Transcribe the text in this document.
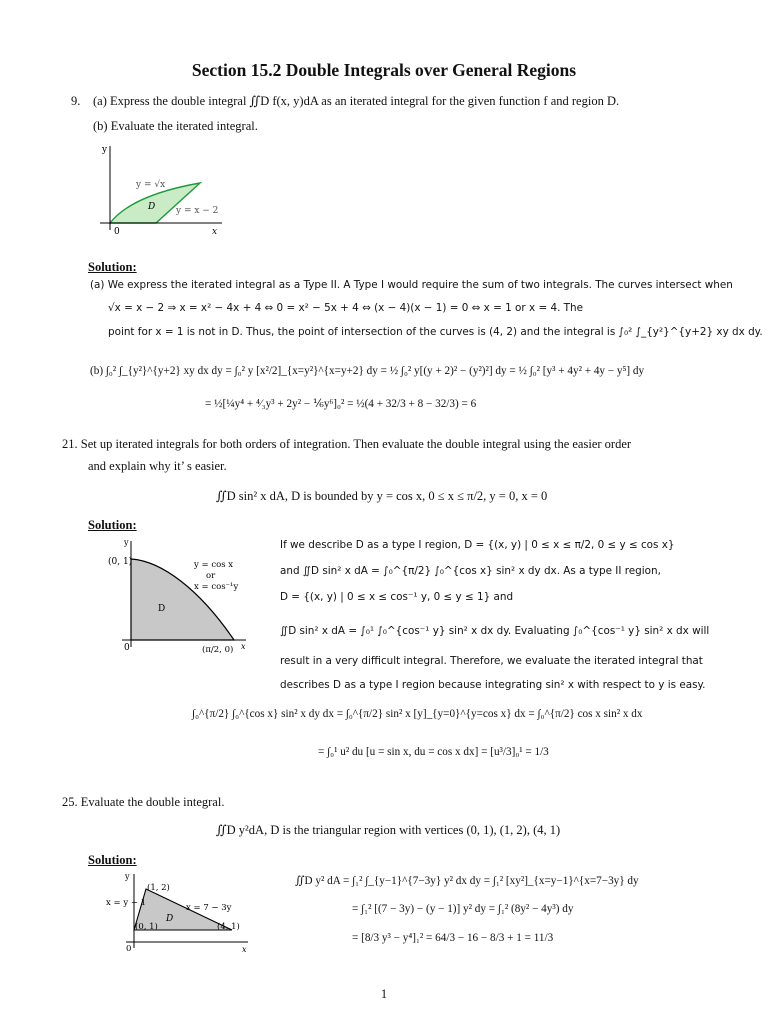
Section 15.2 Double Integrals over General Regions
9. (a) Express the double integral ∬D f(x, y)dA as an iterated integral for the given function f and region D.
(b) Evaluate the iterated integral.
y
x
0
y = √x
y = x − 2
D
Solution:
(a) We express the iterated integral as a Type II. A Type I would require the sum of two integrals. The curves intersect when
√x = x − 2 ⇒ x = x² − 4x + 4 ⇔ 0 = x² − 5x + 4 ⇔ (x − 4)(x − 1) = 0 ⇔ x = 1 or x = 4. The
point for x = 1 is not in D. Thus, the point of intersection of the curves is (4, 2) and the integral is ∫₀² ∫_{y²}^{y+2} xy dx dy.
(b) ∫₀² ∫_{y²}^{y+2} xy dx dy = ∫₀² y [x²/2]_{x=y²}^{x=y+2} dy = ½ ∫₀² y[(y + 2)² − (y²)²] dy = ½ ∫₀² [y³ + 4y² + 4y − y⁵] dy
= ½[¼y⁴ + ⁴⁄₃y³ + 2y² − ⅙y⁶]₀² = ½(4 + 32/3 + 8 − 32/3) = 6
21. Set up iterated integrals for both orders of integration. Then evaluate the double integral using the easier order
and explain why it’ s easier.
∬D sin² x dA, D is bounded by y = cos x, 0 ≤ x ≤ π/2, y = 0, x = 0
Solution:
y
x
(0, 1)
0	(π/2, 0)
y = cos x
or
x = cos⁻¹y
D
If we describe D as a type I region, D = {(x, y) | 0 ≤ x ≤ π/2, 0 ≤ y ≤ cos x}
and ∬D sin² x dA = ∫₀^{π/2} ∫₀^{cos x} sin² x dy dx. As a type II region,
D = {(x, y) | 0 ≤ x ≤ cos⁻¹ y, 0 ≤ y ≤ 1} and
∬D sin² x dA = ∫₀¹ ∫₀^{cos⁻¹ y} sin² x dx dy. Evaluating ∫₀^{cos⁻¹ y} sin² x dx will
result in a very difficult integral. Therefore, we evaluate the iterated integral that
describes D as a type I region because integrating sin² x with respect to y is easy.
∫₀^{π/2} ∫₀^{cos x} sin² x dy dx = ∫₀^{π/2} sin² x [y]_{y=0}^{y=cos x} dx = ∫₀^{π/2} cos x sin² x dx
= ∫₀¹ u² du [u = sin x, du = cos x dx] = [u³/3]₀¹ = 1/3
25. Evaluate the double integral.
∬D y²dA, D is the triangular region with vertices (0, 1), (1, 2), (4, 1)
Solution:
y
x
0
(1, 2)
(0, 1)	(4, 1)
x = y − 1	x = 7 − 3y
D
∬D y² dA = ∫₁² ∫_{y−1}^{7−3y} y² dx dy = ∫₁² [xy²]_{x=y−1}^{x=7−3y} dy
= ∫₁² [(7 − 3y) − (y − 1)] y² dy = ∫₁² (8y² − 4y³) dy
= [8/3 y³ − y⁴]₁² = 64/3 − 16 − 8/3 + 1 = 11/3
1
